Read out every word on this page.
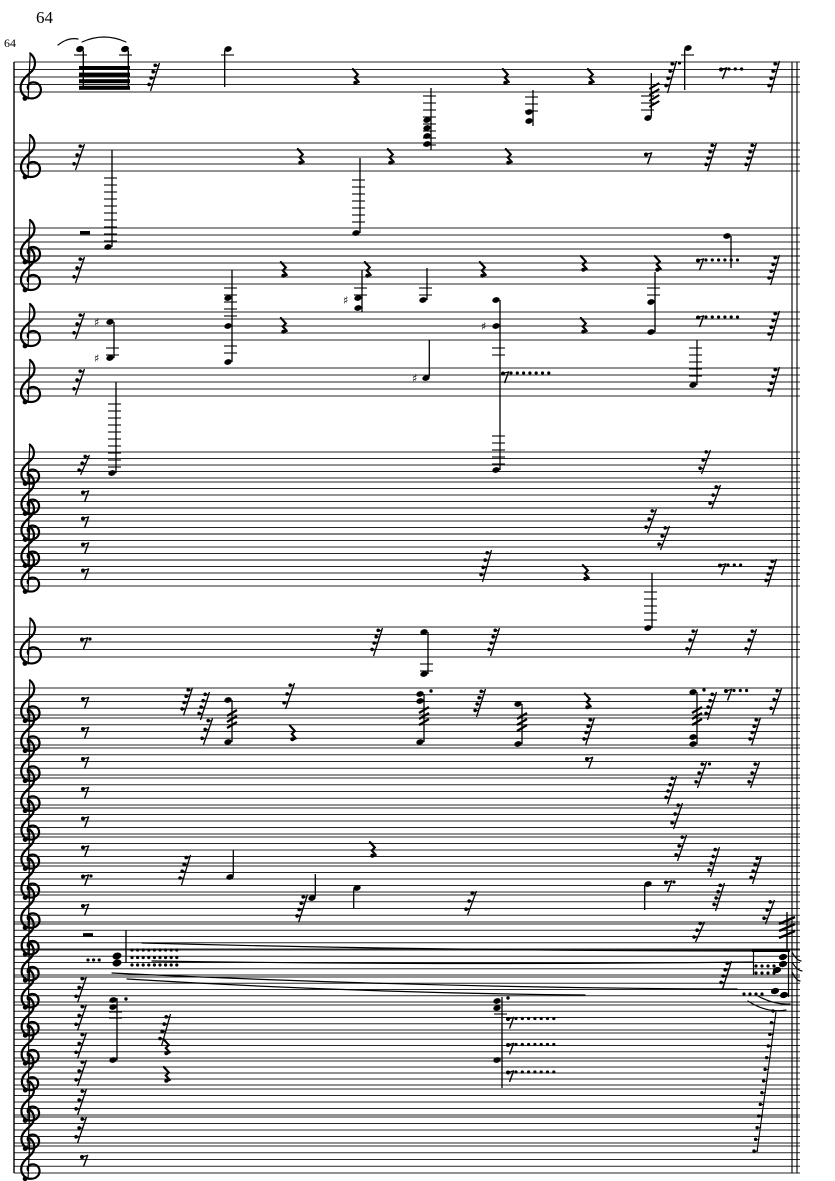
64
64
♯
♯
♯
♯
♯
